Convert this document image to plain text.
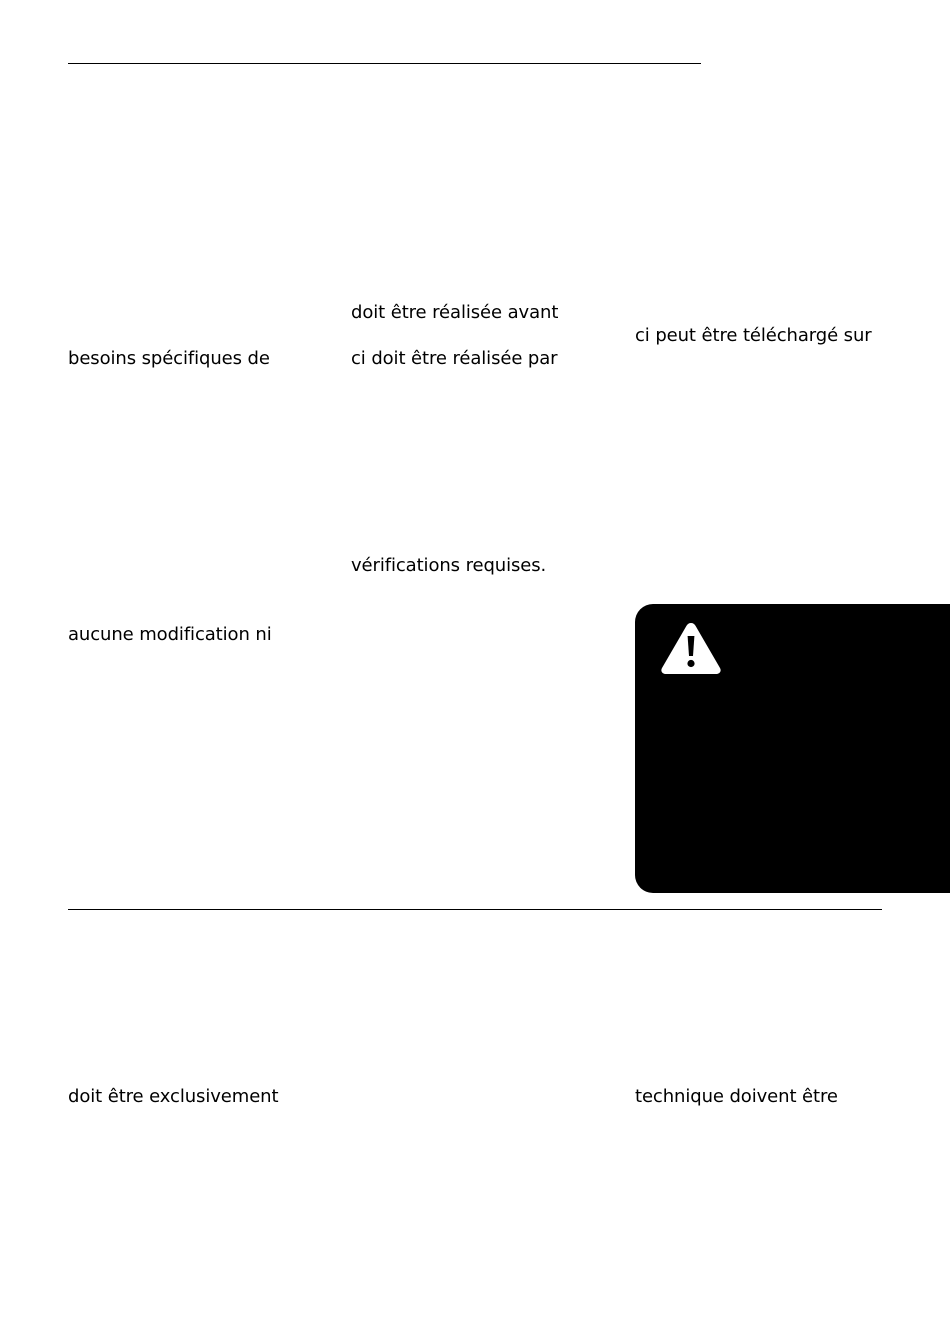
doit être réalisée avant
ci peut être téléchargé sur
besoins spécifiques de	ci doit être réalisée par
vérifications requises.
aucune modification ni
doit être exclusivement	technique doivent être
